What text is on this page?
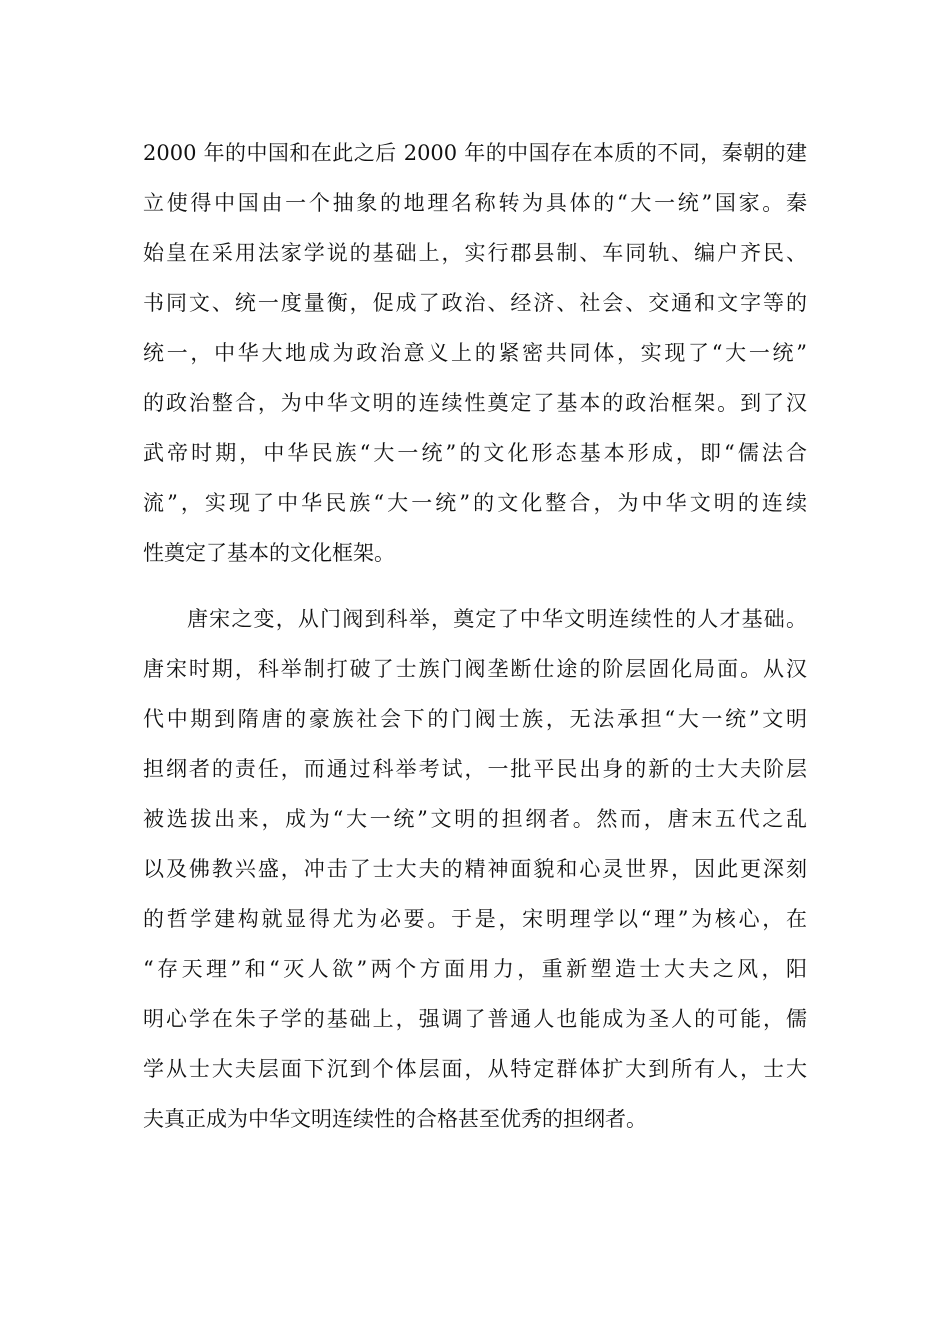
2000 年的中国和在此之后 2000 年的中国存在本质的不同，秦朝的建
立使得中国由一个抽象的地理名称转为具体的“大一统”国家。秦
始皇在采用法家学说的基础上，实行郡县制、车同轨、编户齐民、
书同文、统一度量衡，促成了政治、经济、社会、交通和文字等的
统一，中华大地成为政治意义上的紧密共同体，实现了“大一统”
的政治整合，为中华文明的连续性奠定了基本的政治框架。到了汉
武帝时期，中华民族“大一统”的文化形态基本形成，即“儒法合
流”，实现了中华民族“大一统”的文化整合，为中华文明的连续
性奠定了基本的文化框架。
唐宋之变，从门阀到科举，奠定了中华文明连续性的人才基础。
唐宋时期，科举制打破了士族门阀垄断仕途的阶层固化局面。从汉
代中期到隋唐的豪族社会下的门阀士族，无法承担“大一统”文明
担纲者的责任，而通过科举考试，一批平民出身的新的士大夫阶层
被选拔出来，成为“大一统”文明的担纲者。然而，唐末五代之乱
以及佛教兴盛，冲击了士大夫的精神面貌和心灵世界，因此更深刻
的哲学建构就显得尤为必要。于是，宋明理学以“理”为核心，在
“存天理”和“灭人欲”两个方面用力，重新塑造士大夫之风，阳
明心学在朱子学的基础上，强调了普通人也能成为圣人的可能，儒
学从士大夫层面下沉到个体层面，从特定群体扩大到所有人，士大
夫真正成为中华文明连续性的合格甚至优秀的担纲者。
